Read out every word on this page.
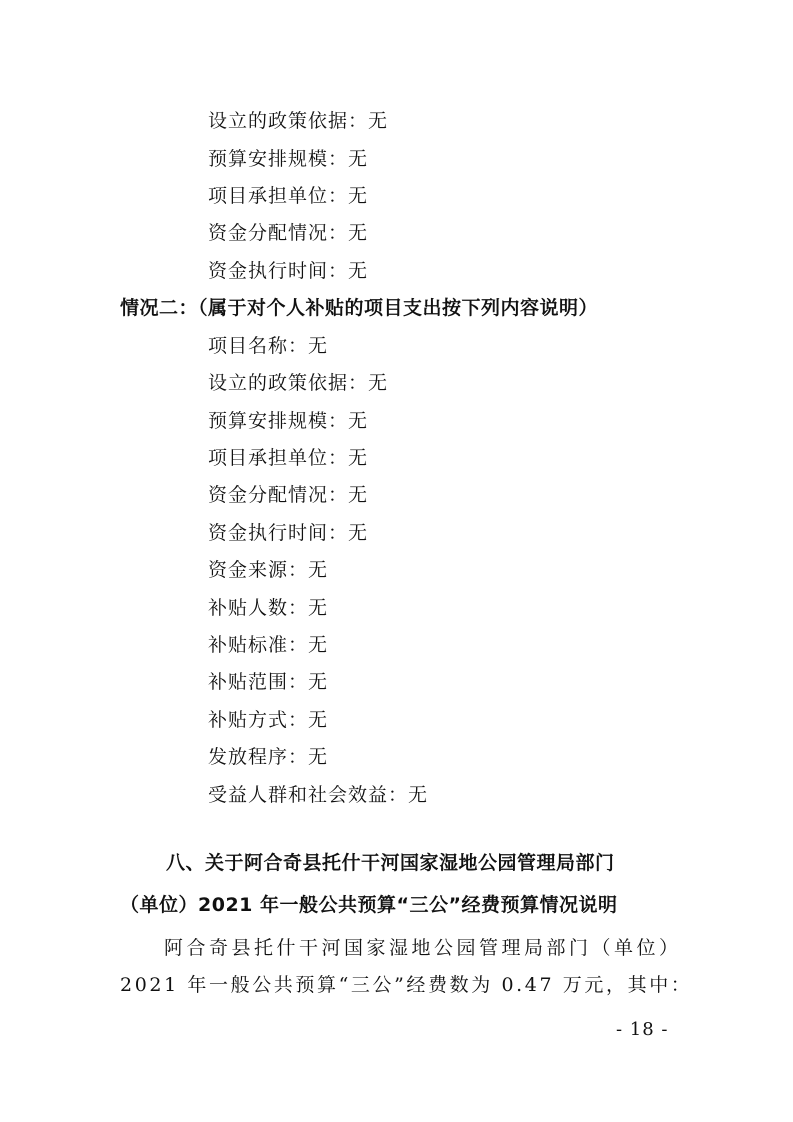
设立的政策依据：无
预算安排规模：无
项目承担单位：无
资金分配情况：无
资金执行时间：无
情况二：（属于对个人补贴的项目支出按下列内容说明）
项目名称：无
设立的政策依据：无
预算安排规模：无
项目承担单位：无
资金分配情况：无
资金执行时间：无
资金来源：无
补贴人数：无
补贴标准：无
补贴范围：无
补贴方式：无
发放程序：无
受益人群和社会效益：无
八、关于阿合奇县托什干河国家湿地公园管理局部门
（单位）2021 年一般公共预算“三公”经费预算情况说明
阿合奇县托什干河国家湿地公园管理局部门（单位）
2021 年一般公共预算“三公”经费数为 0.47 万元，其中：
- 18 -
